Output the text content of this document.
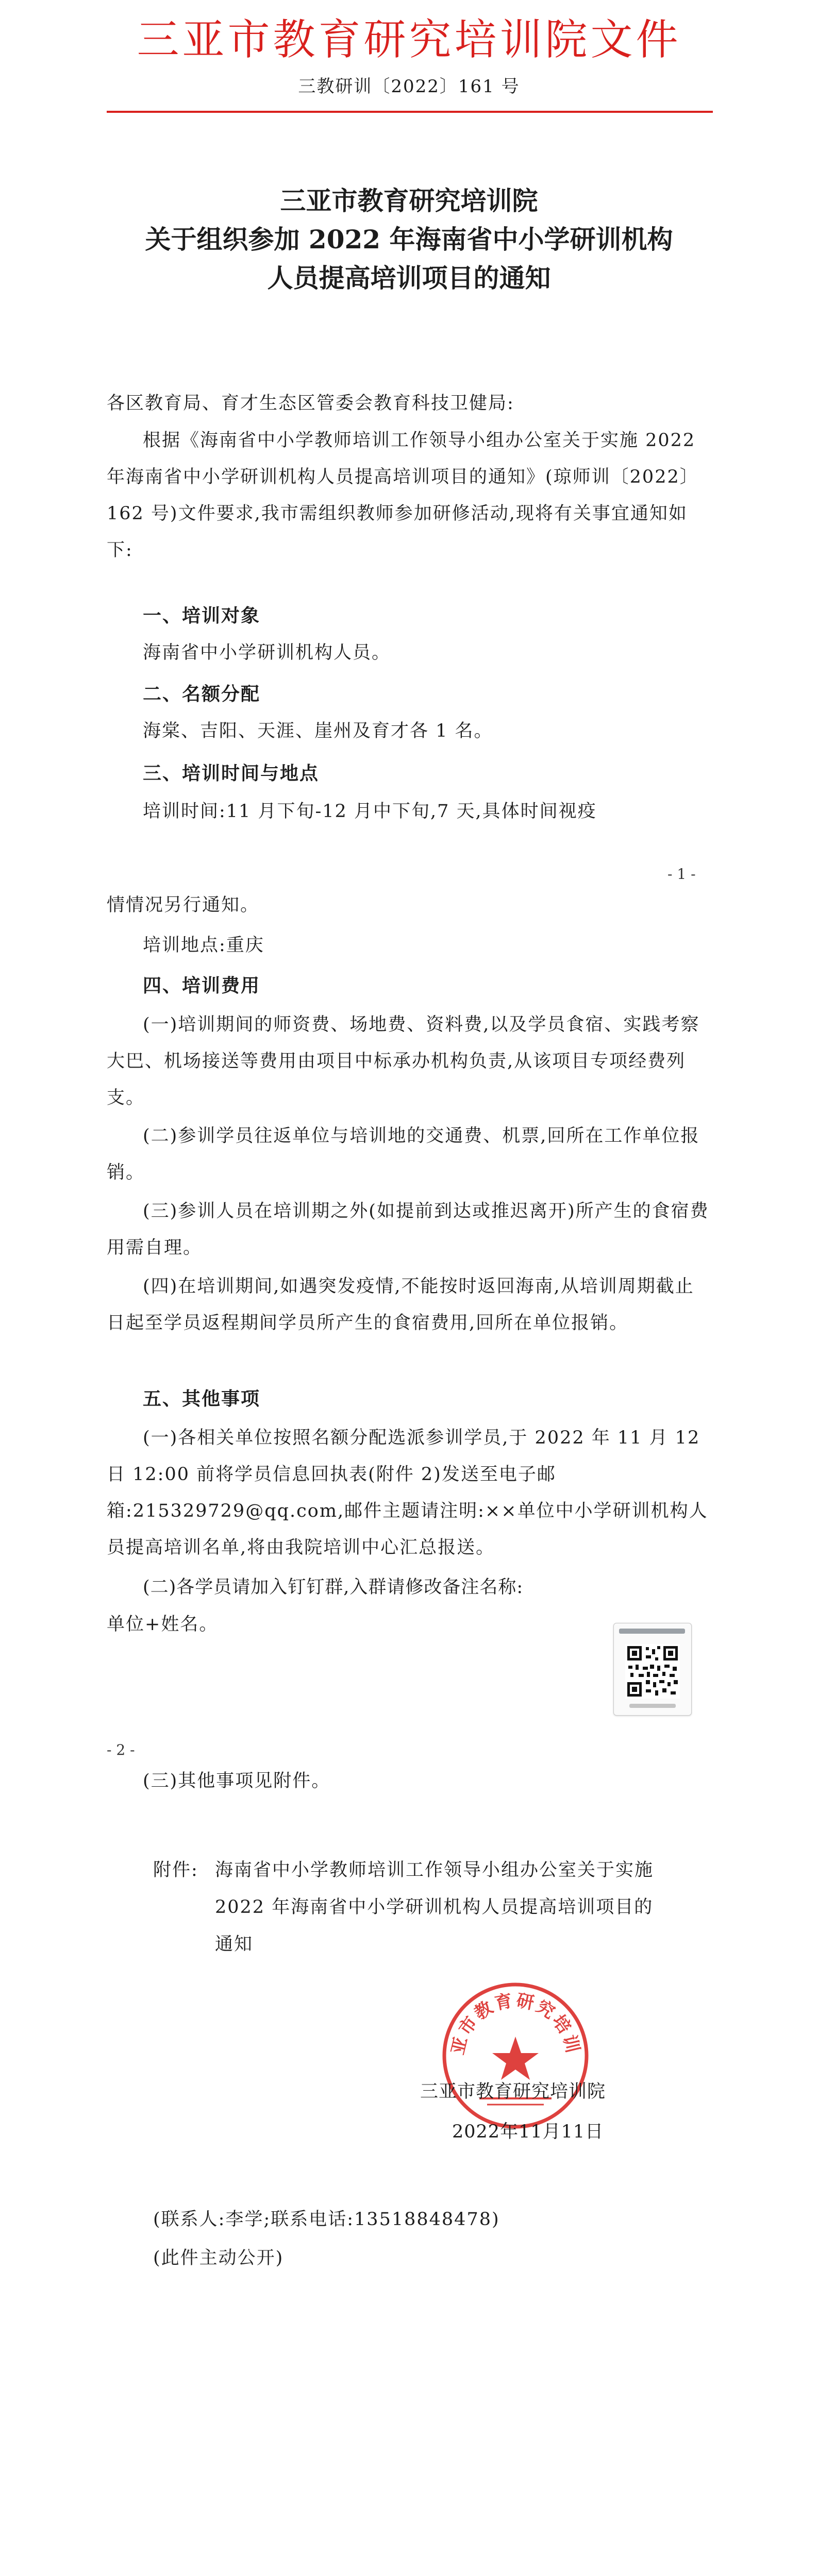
三亚市教育研究培训院文件
三教研训〔2022〕161 号
三亚市教育研究培训院
关于组织参加 2022 年海南省中小学研训机构
人员提高培训项目的通知
各区教育局、育才生态区管委会教育科技卫健局:
根据《海南省中小学教师培训工作领导小组办公室关于实施 2022 年海南省中小学研训机构人员提高培训项目的通知》(琼师训〔2022〕162 号)文件要求,我市需组织教师参加研修活动,现将有关事宜通知如下:
一、培训对象
海南省中小学研训机构人员。
二、名额分配
海棠、吉阳、天涯、崖州及育才各 1 名。
三、培训时间与地点
培训时间:11 月下旬-12 月中下旬,7 天,具体时间视疫
- 1 -
情情况另行通知。
培训地点:重庆
四、培训费用
(一)培训期间的师资费、场地费、资料费,以及学员食宿、实践考察大巴、机场接送等费用由项目中标承办机构负责,从该项目专项经费列支。
(二)参训学员往返单位与培训地的交通费、机票,回所在工作单位报销。
(三)参训人员在培训期之外(如提前到达或推迟离开)所产生的食宿费用需自理。
(四)在培训期间,如遇突发疫情,不能按时返回海南,从培训周期截止日起至学员返程期间学员所产生的食宿费用,回所在单位报销。
五、其他事项
(一)各相关单位按照名额分配选派参训学员,于 2022 年 11 月 12 日 12:00 前将学员信息回执表(附件 2)发送至电子邮箱:215329729@qq.com,邮件主题请注明:××单位中小学研训机构人员提高培训名单,将由我院培训中心汇总报送。
(二)各学员请加入钉钉群,入群请修改备注名称:
单位+姓名。
- 2 -
(三)其他事项见附件。
附件: 海南省中小学教师培训工作领导小组办公室关于实施
2022 年海南省中小学研训机构人员提高培训项目的
通知
亚市教育研究培训
三亚市教育研究培训院
2022年11月11日
(联系人:李学;联系电话:13518848478)
(此件主动公开)
